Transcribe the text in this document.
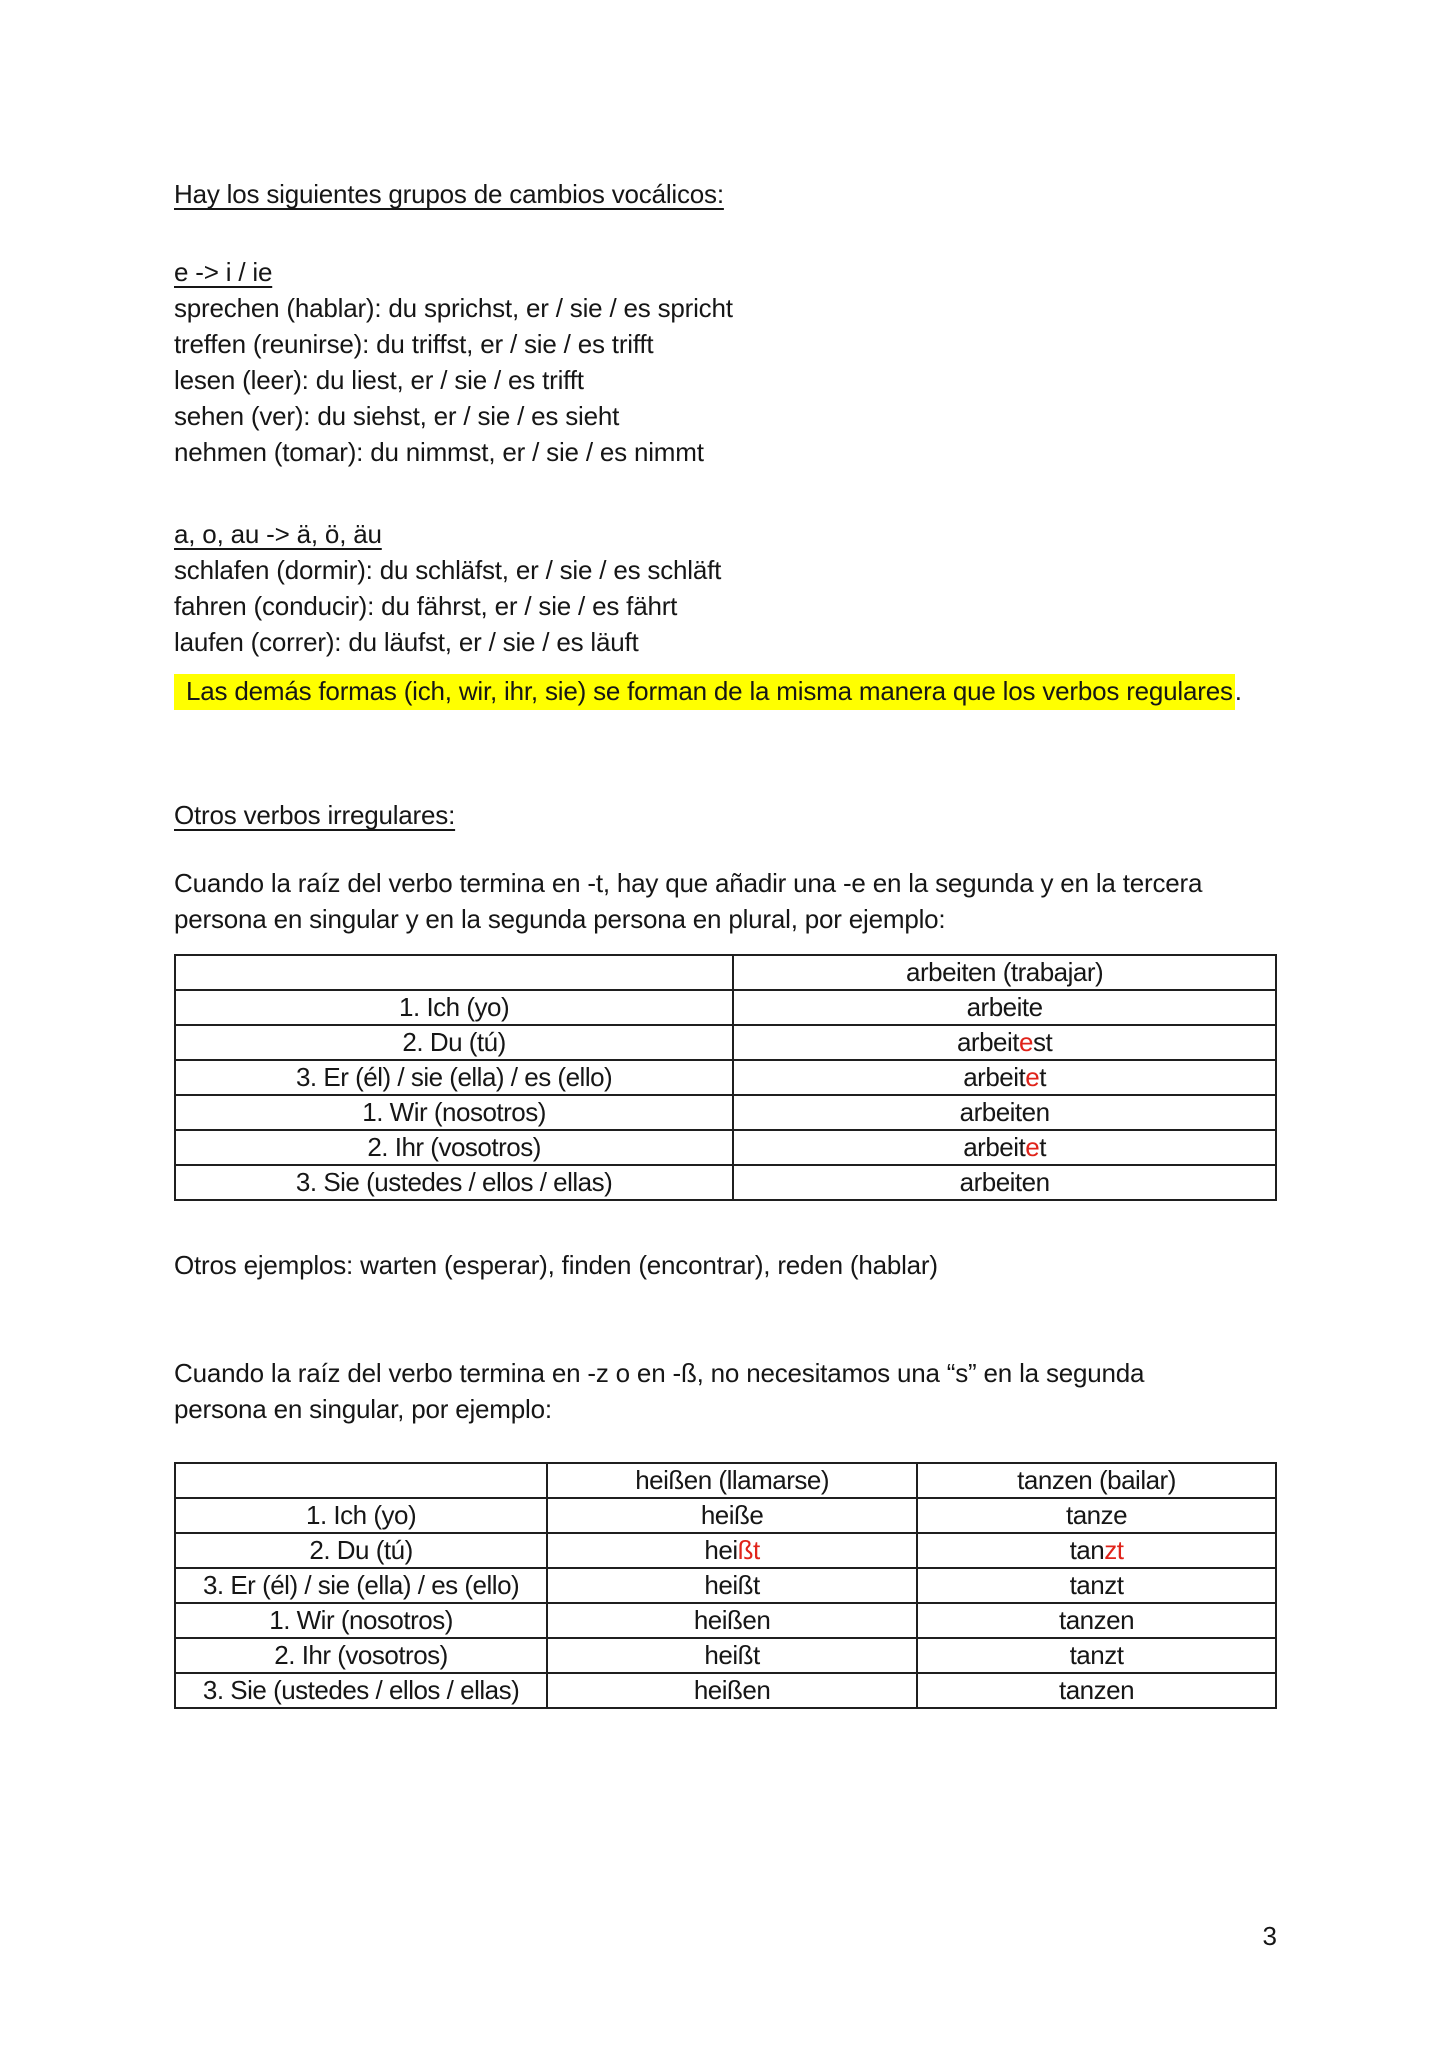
Hay los siguientes grupos de cambios vocálicos:
e -> i / ie
sprechen (hablar): du sprichst, er / sie / es spricht
treffen (reunirse): du triffst, er / sie / es trifft
lesen (leer): du liest, er / sie / es trifft
sehen (ver): du siehst, er / sie / es sieht
nehmen (tomar): du nimmst, er / sie / es nimmt
a, o, au -> ä, ö, äu
schlafen (dormir): du schläfst, er / sie / es schläft
fahren (conducir): du fährst, er / sie / es fährt
laufen (correr): du läufst, er / sie / es läuft
Las demás formas (ich, wir, ihr, sie) se forman de la misma manera que los verbos regulares.
Otros verbos irregulares:
Cuando la raíz del verbo termina en -t, hay que añadir una -e en la segunda y en la tercera
persona en singular y en la segunda persona en plural, por ejemplo:
	arbeiten (trabajar)
1. Ich (yo)	arbeite
2. Du (tú)	arbeitest
3. Er (él) / sie (ella) / es (ello)	arbeitet
1. Wir (nosotros)	arbeiten
2. Ihr (vosotros)	arbeitet
3. Sie (ustedes / ellos / ellas)	arbeiten
Otros ejemplos: warten (esperar), finden (encontrar), reden (hablar)
Cuando la raíz del verbo termina en -z o en -ß, no necesitamos una “s” en la segunda
persona en singular, por ejemplo:
	heißen (llamarse)	tanzen (bailar)
1. Ich (yo)	heiße	tanze
2. Du (tú)	heißt	tanzt
3. Er (él) / sie (ella) / es (ello)	heißt	tanzt
1. Wir (nosotros)	heißen	tanzen
2. Ihr (vosotros)	heißt	tanzt
3. Sie (ustedes / ellos / ellas)	heißen	tanzen
3
